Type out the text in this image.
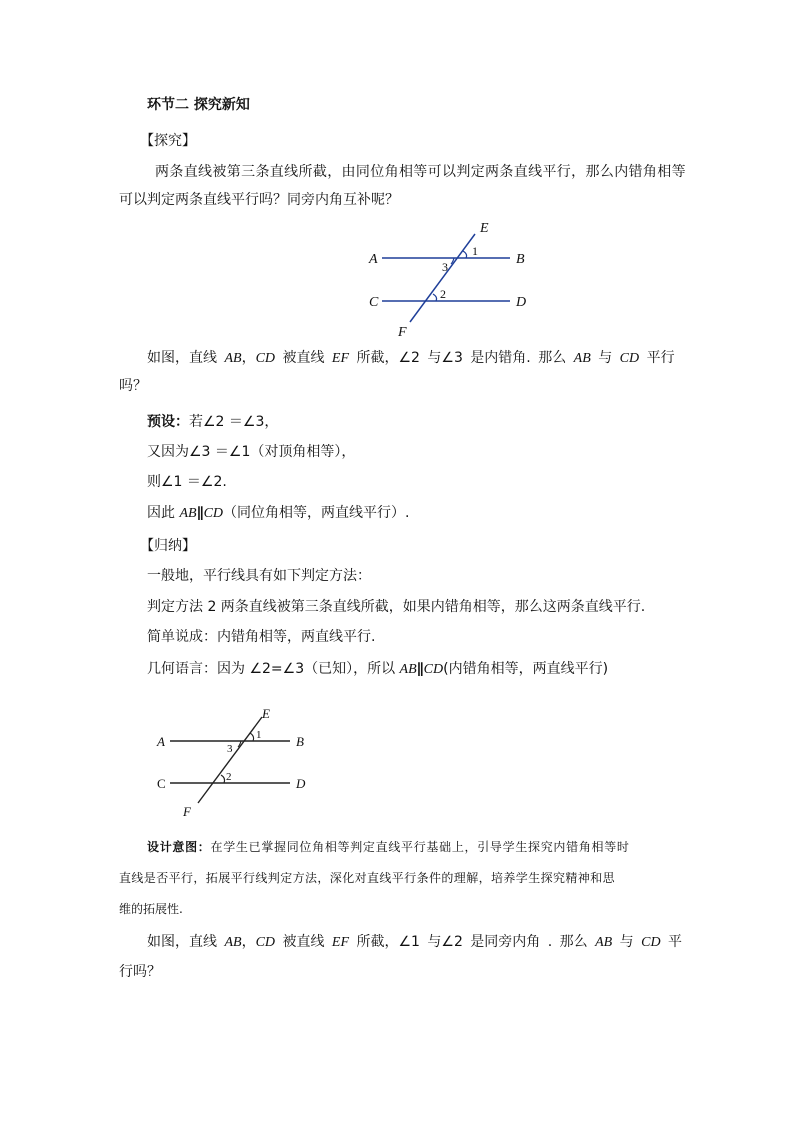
环节二 探究新知
【探究】
两条直线被第三条直线所截，由同位角相等可以判定两条直线平行，那么内错角相等
可以判定两条直线平行吗？同旁内角互补呢？
A	B
C	D
E
F
1
3
2
如图，直线 AB，CD 被直线 EF 所截，∠2 与∠3 是内错角. 那么 AB 与 CD 平行
吗？
预设：若∠2 ＝∠3，
又因为∠3 ＝∠1（对顶角相等），
则∠1 ＝∠2.
因此 AB∥CD（同位角相等，两直线平行）.
【归纳】
一般地，平行线具有如下判定方法：
判定方法 2 两条直线被第三条直线所截，如果内错角相等，那么这两条直线平行.
简单说成：内错角相等，两直线平行.
几何语言：因为 ∠2=∠3（已知），所以 AB∥CD(内错角相等，两直线平行)
A	B
C	D
E
F
1
3
2
设计意图：在学生已掌握同位角相等判定直线平行基础上，引导学生探究内错角相等时
直线是否平行，拓展平行线判定方法，深化对直线平行条件的理解，培养学生探究精神和思
维的拓展性.
如图，直线 AB，CD 被直线 EF 所截，∠1 与∠2 是同旁内角 . 那么 AB 与 CD 平
行吗？
